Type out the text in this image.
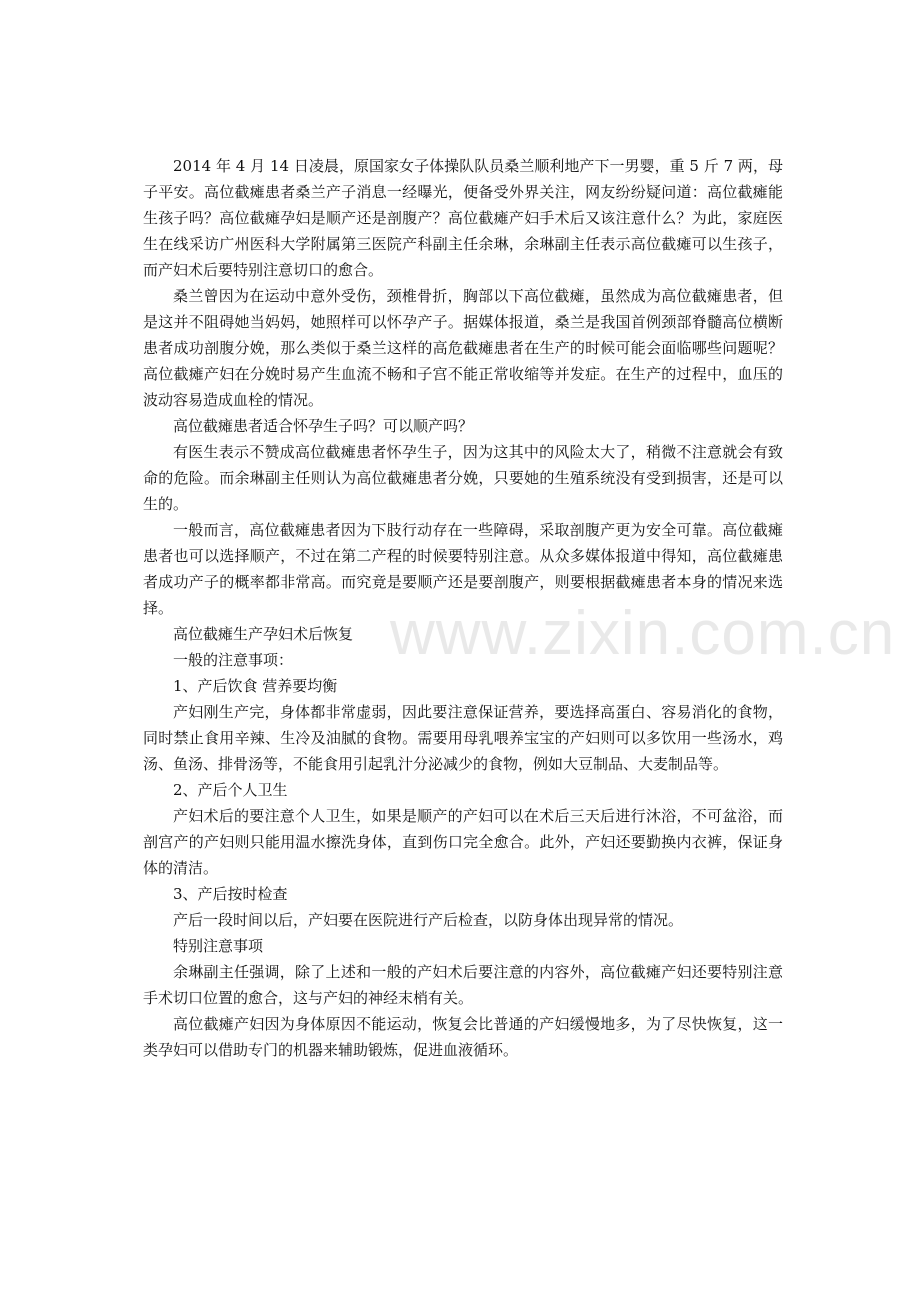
www.zixin.com.cn

2014 年 4 月 14 日凌晨，原国家女子体操队队员桑兰顺利地产下一男婴，重 5 斤 7 两，母子平安。高位截瘫患者桑兰产子消息一经曝光，便备受外界关注，网友纷纷疑问道：高位截瘫能生孩子吗？高位截瘫孕妇是顺产还是剖腹产？高位截瘫产妇手术后又该注意什么？为此，家庭医生在线采访广州医科大学附属第三医院产科副主任余琳，余琳副主任表示高位截瘫可以生孩子，而产妇术后要特别注意切口的愈合。

桑兰曾因为在运动中意外受伤，颈椎骨折，胸部以下高位截瘫，虽然成为高位截瘫患者，但是这并不阻碍她当妈妈，她照样可以怀孕产子。据媒体报道，桑兰是我国首例颈部脊髓高位横断患者成功剖腹分娩，那么类似于桑兰这样的高危截瘫患者在生产的时候可能会面临哪些问题呢？高位截瘫产妇在分娩时易产生血流不畅和子宫不能正常收缩等并发症。在生产的过程中，血压的波动容易造成血栓的情况。

高位截瘫患者适合怀孕生子吗？可以顺产吗？

有医生表示不赞成高位截瘫患者怀孕生子，因为这其中的风险太大了，稍微不注意就会有致命的危险。而余琳副主任则认为高位截瘫患者分娩，只要她的生殖系统没有受到损害，还是可以生的。

一般而言，高位截瘫患者因为下肢行动存在一些障碍，采取剖腹产更为安全可靠。高位截瘫患者也可以选择顺产，不过在第二产程的时候要特别注意。从众多媒体报道中得知，高位截瘫患者成功产子的概率都非常高。而究竟是要顺产还是要剖腹产，则要根据截瘫患者本身的情况来选择。

高位截瘫生产孕妇术后恢复

一般的注意事项：

1、产后饮食 营养要均衡

产妇刚生产完，身体都非常虚弱，因此要注意保证营养，要选择高蛋白、容易消化的食物，同时禁止食用辛辣、生冷及油腻的食物。需要用母乳喂养宝宝的产妇则可以多饮用一些汤水，鸡汤、鱼汤、排骨汤等，不能食用引起乳汁分泌减少的食物，例如大豆制品、大麦制品等。

2、产后个人卫生

产妇术后的要注意个人卫生，如果是顺产的产妇可以在术后三天后进行沐浴，不可盆浴，而剖宫产的产妇则只能用温水擦洗身体，直到伤口完全愈合。此外，产妇还要勤换内衣裤，保证身体的清洁。

3、产后按时检查

产后一段时间以后，产妇要在医院进行产后检查，以防身体出现异常的情况。

特别注意事项

余琳副主任强调，除了上述和一般的产妇术后要注意的内容外，高位截瘫产妇还要特别注意手术切口位置的愈合，这与产妇的神经末梢有关。

高位截瘫产妇因为身体原因不能运动，恢复会比普通的产妇缓慢地多，为了尽快恢复，这一类孕妇可以借助专门的机器来辅助锻炼，促进血液循环。
